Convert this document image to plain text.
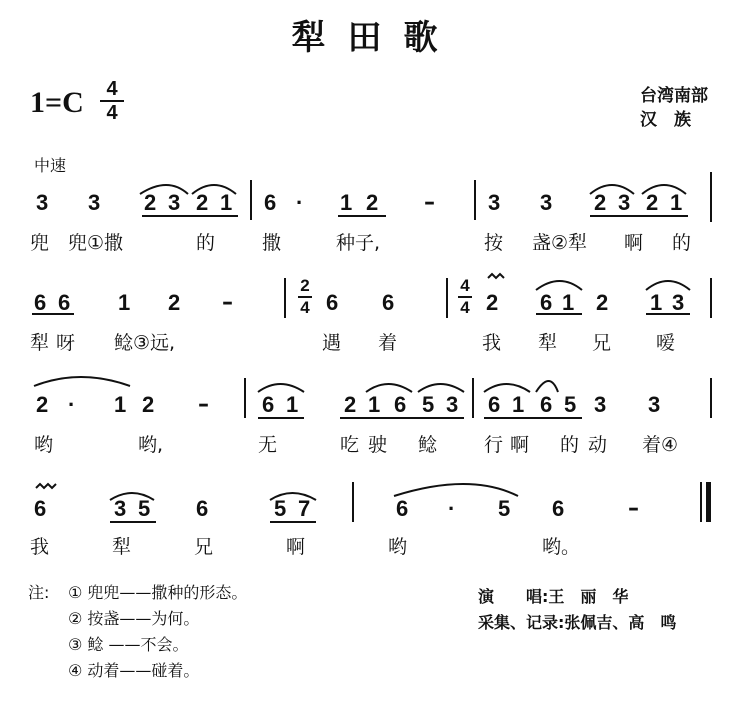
犁田歌
1=C	4
4
台湾南部
汉　族
中速
3 3 2 3 2 1 6 · 1 2 – 3 3 2 3 2 1
兜 兜①撒	的 撒	种子,	按 盏②犁 啊 的
6 6 1 2 –
2

4 6 6
4

4 2 6 1 2 1 3
犁 呀 鲶③远,	遇 着	我 犁 兄 嗳
2 · 1 2 – 6 1 2 1 6 5 3 6 1 6 5 3 3
哟	哟,	无	吃 驶 鲶 行 啊 的 动 着④
6	3 5 6	5 7	6 · 5 6	–
我	犁	兄	啊	哟	哟。
注: ① 兜兜——撒种的形态。
② 按盏——为何。
③ 鲶 ——不会。
④ 动着——碰着。
演　　唱:王　丽　华
采集、记录:张佩吉、高　鸣
